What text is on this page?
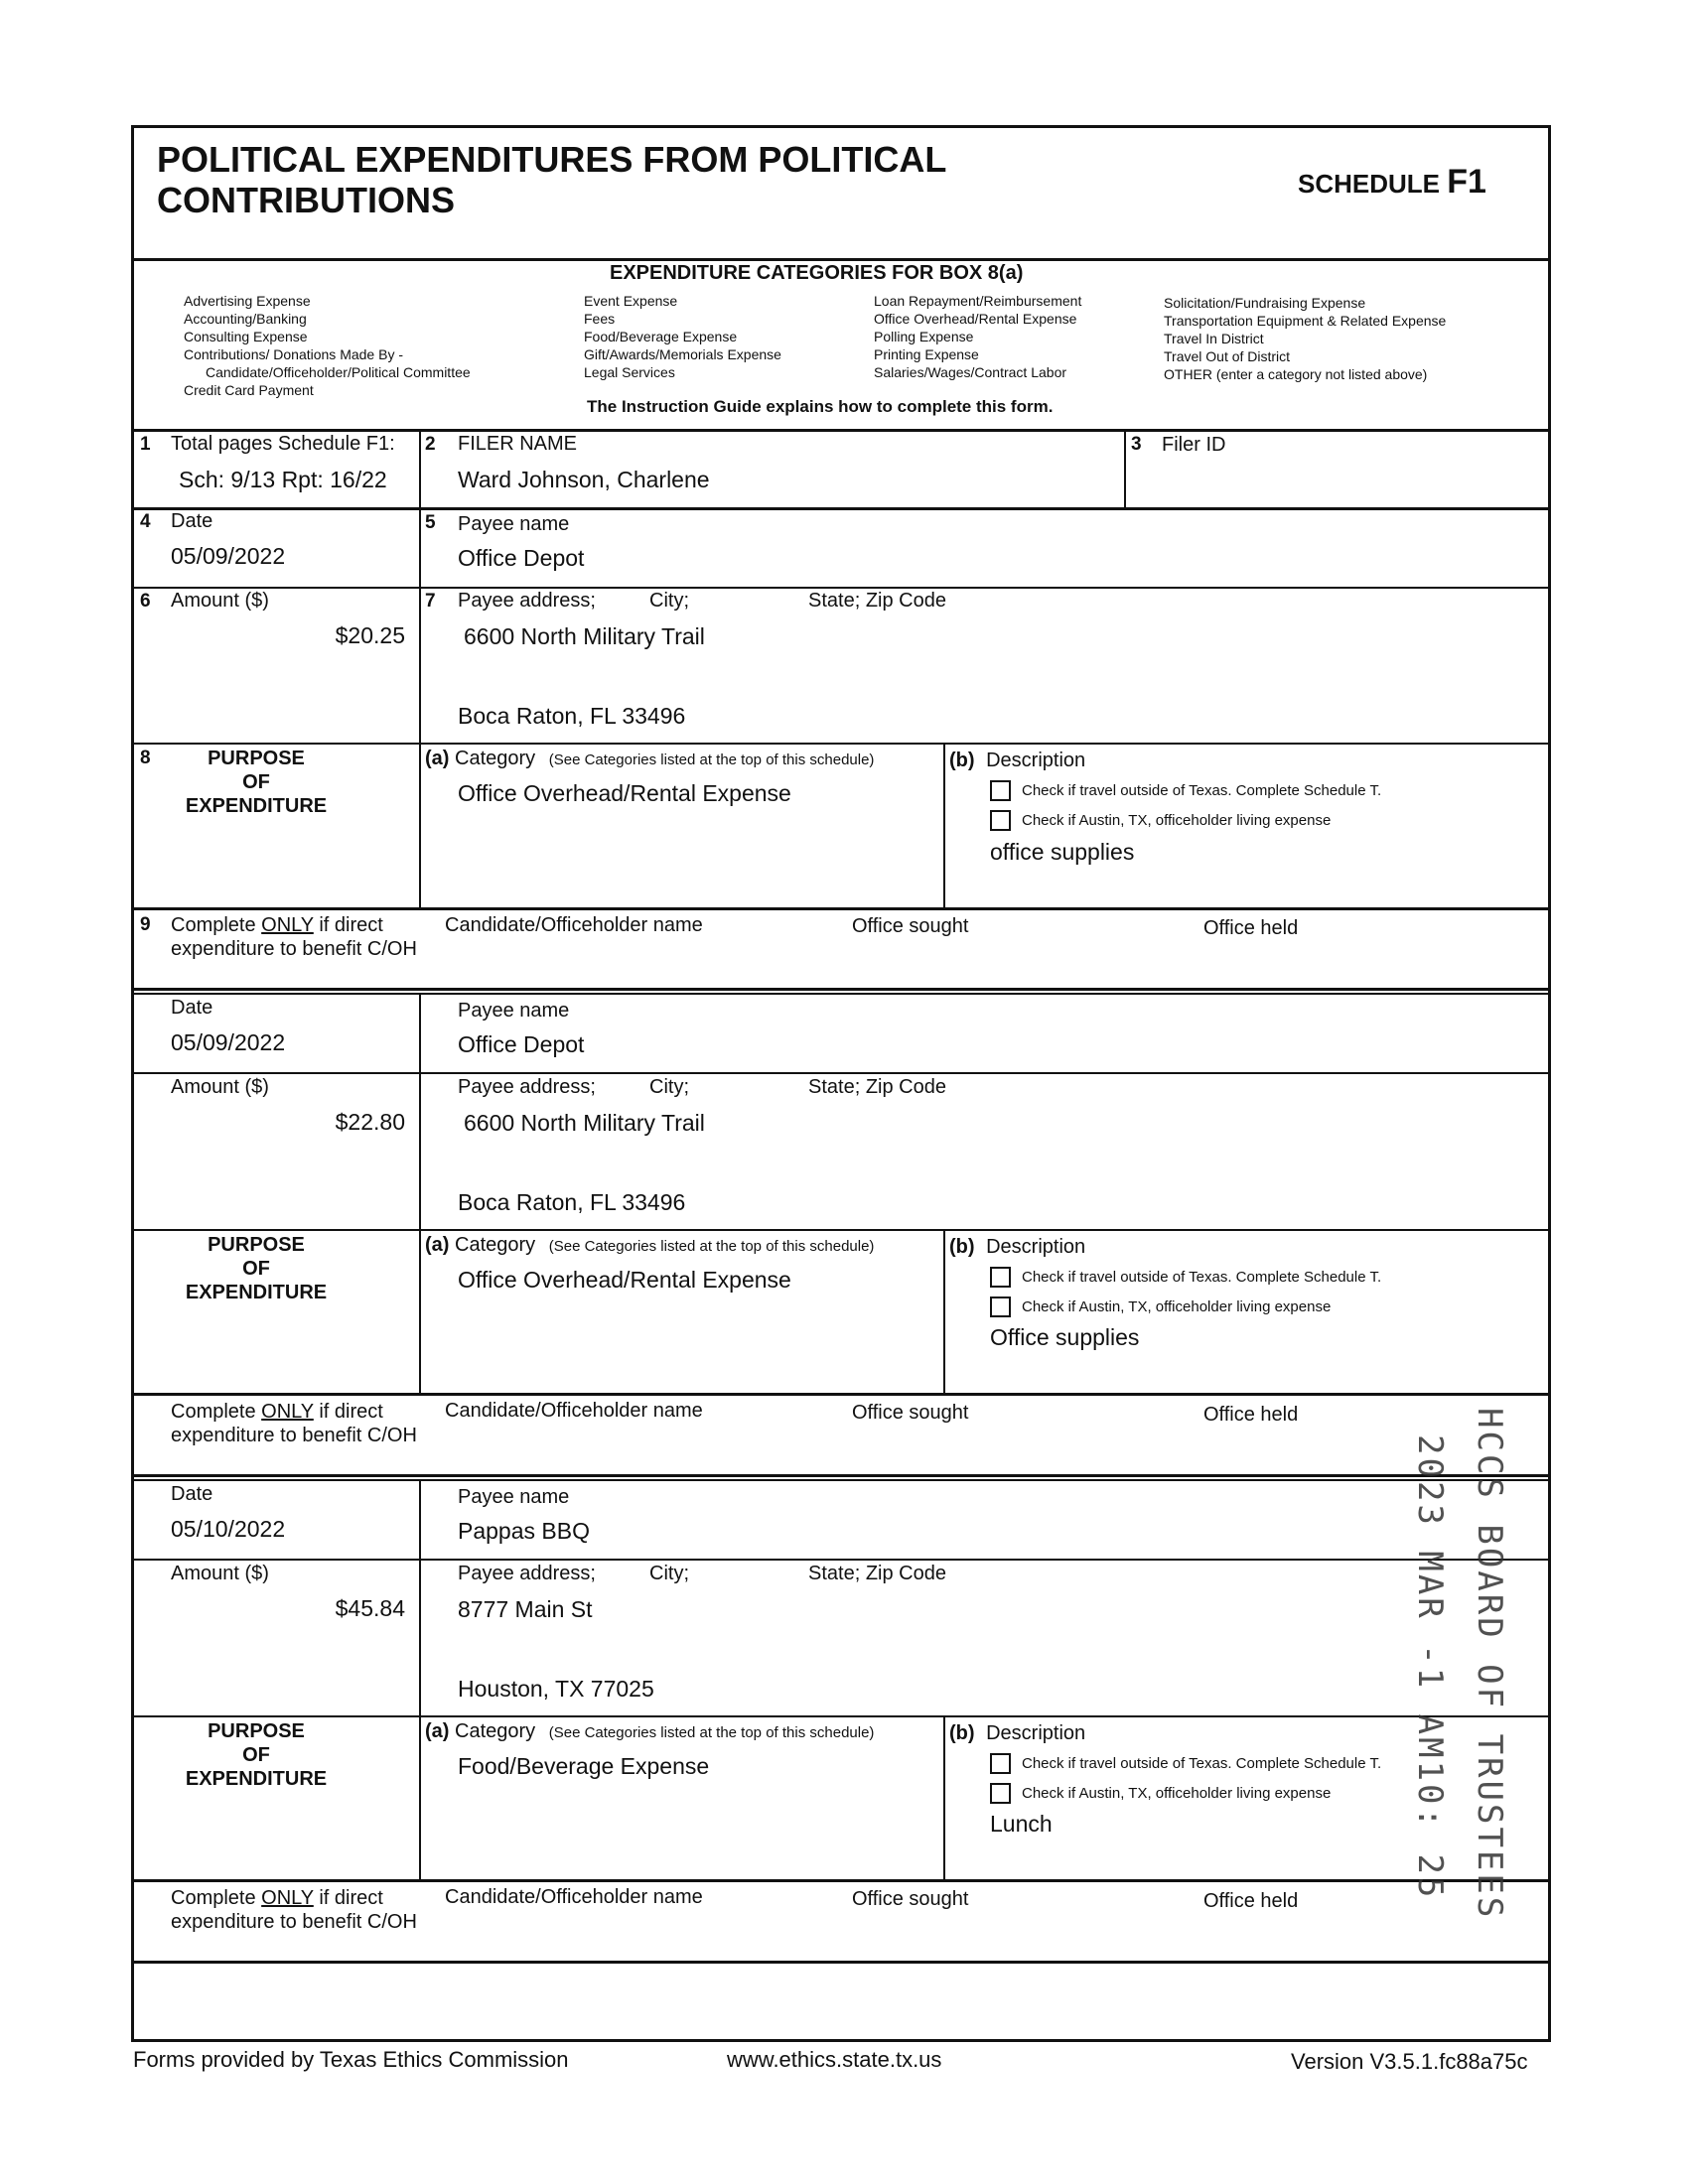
POLITICAL EXPENDITURES FROM POLITICAL
CONTRIBUTIONS	SCHEDULE F1
EXPENDITURE CATEGORIES FOR BOX 8(a)
Advertising Expense
Accounting/Banking
Consulting Expense
Contributions/ Donations Made By -
Candidate/Officeholder/Political Committee
Credit Card Payment
Event Expense
Fees
Food/Beverage Expense
Gift/Awards/Memorials Expense
Legal Services
Loan Repayment/Reimbursement
Office Overhead/Rental Expense
Polling Expense
Printing Expense
Salaries/Wages/Contract Labor
Solicitation/Fundraising Expense
Transportation Equipment & Related Expense
Travel In District
Travel Out of District
OTHER (enter a category not listed above)
The Instruction Guide explains how to complete this form.
1 Total pages Schedule F1:
Sch: 9/13 Rpt: 16/22
2 FILER NAME
Ward Johnson, Charlene
3 Filer ID
4 Date
05/09/2022
5 Payee name
Office Depot
6 Amount ($)
$20.25
7 Payee address;	City;	State; Zip Code
6600 North Military Trail
Boca Raton, FL 33496
8	PURPOSE
OF
EXPENDITURE
(a) Category (See Categories listed at the top of this schedule)
Office Overhead/Rental Expense
(b) Description
Check if travel outside of Texas. Complete Schedule T.
Check if Austin, TX, officeholder living expense
office supplies
9 Complete ONLY if direct
expenditure to benefit C/OH
Candidate/Officeholder name	Office sought	Office held
Date
05/09/2022
Payee name
Office Depot
Amount ($)
$22.80
Payee address;	City;	State; Zip Code
6600 North Military Trail
Boca Raton, FL 33496
PURPOSE
OF
EXPENDITURE
(a) Category (See Categories listed at the top of this schedule)
Office Overhead/Rental Expense
(b) Description
Check if travel outside of Texas. Complete Schedule T.
Check if Austin, TX, officeholder living expense
Office supplies
Complete ONLY if direct
expenditure to benefit C/OH
Candidate/Officeholder name	Office sought	Office held
Date
05/10/2022
Payee name
Pappas BBQ
Amount ($)
$45.84
Payee address;	City;	State; Zip Code
8777 Main St
Houston, TX 77025
PURPOSE
OF
EXPENDITURE
(a) Category (See Categories listed at the top of this schedule)
Food/Beverage Expense
(b) Description
Check if travel outside of Texas. Complete Schedule T.
Check if Austin, TX, officeholder living expense
Lunch
Complete ONLY if direct
expenditure to benefit C/OH
Candidate/Officeholder name	Office sought	Office held	HCCS BOARD OF TRUSTEES
2023 MAR -1 AM10: 25
Forms provided by Texas Ethics Commission	www.ethics.state.tx.us	Version V3.5.1.fc88a75c
